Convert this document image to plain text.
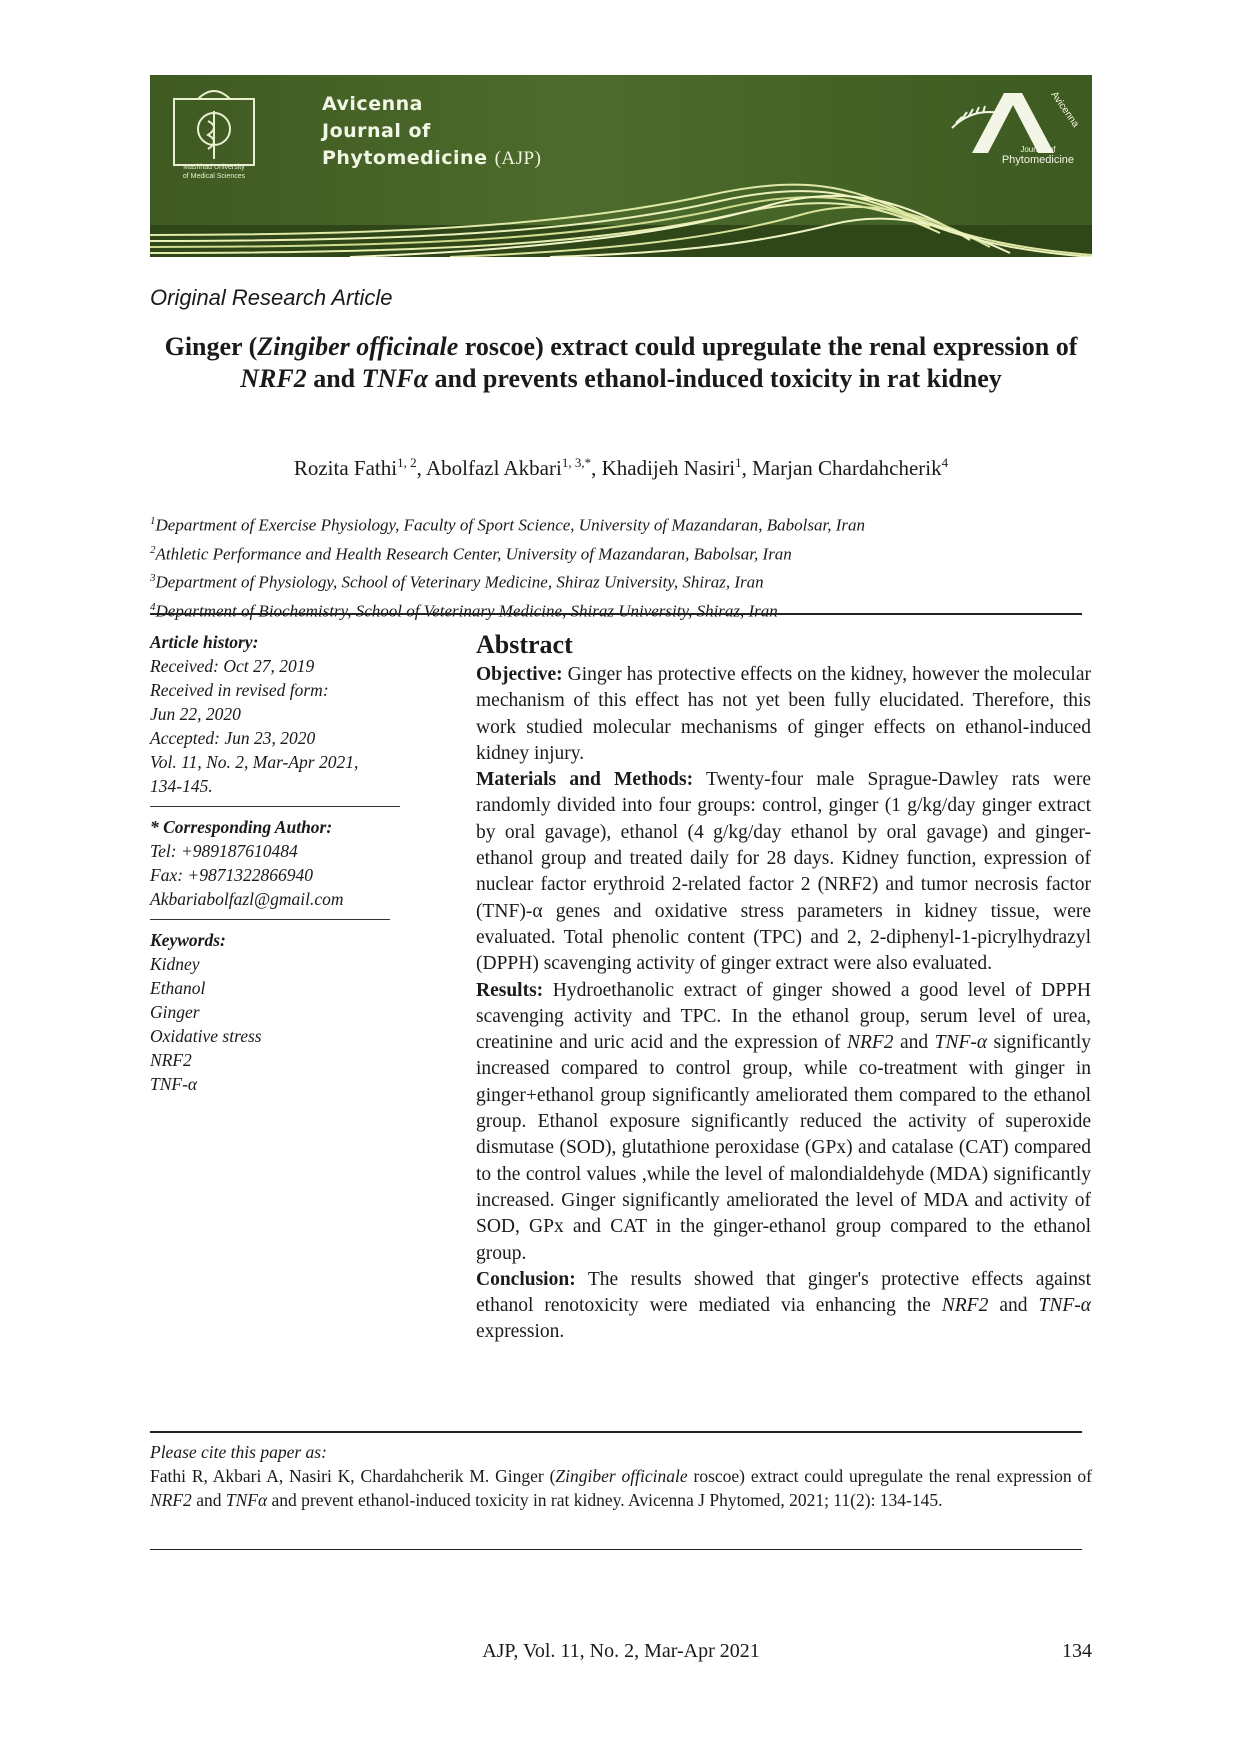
Mashhad University
of Medical Sciences
Avicenna
Journal of
Phytomedicine (AJP)
Avicenna
Journal of
Phytomedicine
Original Research Article
Ginger (Zingiber officinale roscoe) extract could upregulate the renal expression of NRF2 and TNFα and prevents ethanol-induced toxicity in rat kidney
Rozita Fathi$^{1, 2}$, Abolfazl Akbari$^{1, 3,*}$, Khadijeh Nasiri$^1$, Marjan Chardahcherik$^4$
$^1$Department of Exercise Physiology, Faculty of Sport Science, University of Mazandaran, Babolsar, Iran
$^2$Athletic Performance and Health Research Center, University of Mazandaran, Babolsar, Iran
$^3$Department of Physiology, School of Veterinary Medicine, Shiraz University, Shiraz, Iran
$^4$Department of Biochemistry, School of Veterinary Medicine, Shiraz University, Shiraz, Iran
Article history:
Received: Oct 27, 2019
Received in revised form:
Jun 22, 2020
Accepted: Jun 23, 2020
Vol. 11, No. 2, Mar-Apr 2021,
134-145.
* Corresponding Author:
Tel: +989187610484
Fax: +9871322866940
Akbariabolfazl@gmail.com
Keywords:
Kidney
Ethanol
Ginger
Oxidative stress
NRF2
TNF-α
Abstract

Objective: Ginger has protective effects on the kidney, however the molecular mechanism of this effect has not yet been fully elucidated. Therefore, this work studied molecular mechanisms of ginger effects on ethanol-induced kidney injury.

Materials and Methods: Twenty-four male Sprague-Dawley rats were randomly divided into four groups: control, ginger (1 g/kg/day ginger extract by oral gavage), ethanol (4 g/kg/day ethanol by oral gavage) and ginger-ethanol group and treated daily for 28 days. Kidney function, expression of nuclear factor erythroid 2-related factor 2 (NRF2) and tumor necrosis factor (TNF)-α genes and oxidative stress parameters in kidney tissue, were evaluated. Total phenolic content (TPC) and 2, 2-diphenyl-1-picrylhydrazyl (DPPH) scavenging activity of ginger extract were also evaluated.

Results: Hydroethanolic extract of ginger showed a good level of DPPH scavenging activity and TPC. In the ethanol group, serum level of urea, creatinine and uric acid and the expression of NRF2 and TNF-α significantly increased compared to control group, while co-treatment with ginger in ginger+ethanol group significantly ameliorated them compared to the ethanol group. Ethanol exposure significantly reduced the activity of superoxide dismutase (SOD), glutathione peroxidase (GPx) and catalase (CAT) compared to the control values ,while the level of malondialdehyde (MDA) significantly increased. Ginger significantly ameliorated the level of MDA and activity of SOD, GPx and CAT in the ginger-ethanol group compared to the ethanol group.

Conclusion: The results showed that ginger's protective effects against ethanol renotoxicity were mediated via enhancing the NRF2 and TNF-α expression.

Please cite this paper as:
Fathi R, Akbari A, Nasiri K, Chardahcherik M. Ginger (Zingiber officinale roscoe) extract could upregulate the renal expression of NRF2 and TNFα and prevent ethanol-induced toxicity in rat kidney. Avicenna J Phytomed, 2021; 11(2): 134-145.
AJP, Vol. 11, No. 2, Mar-Apr 2021	134
